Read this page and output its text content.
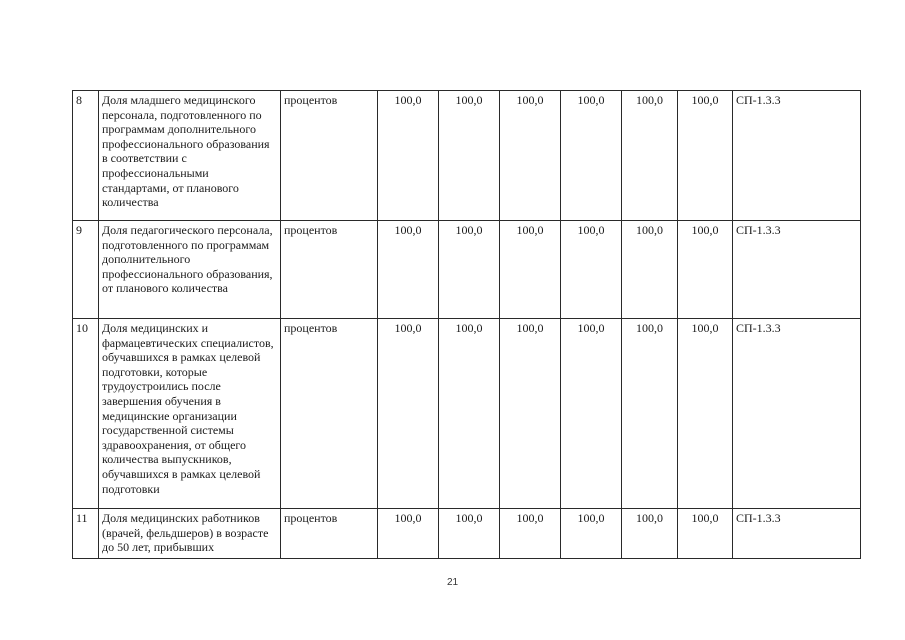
8	Доля младшего медицинского персонала, подготовленного по программам дополнительного профессионального образования в соответствии с профессиональными стандартами, от планового количества	процентов	100,0	100,0	100,0	100,0	100,0	100,0	СП-1.3.3
9	Доля педагогического персонала, подготовленного по программам дополнительного профессионального образования, от планового количества	процентов	100,0	100,0	100,0	100,0	100,0	100,0	СП-1.3.3
10	Доля медицинских и фармацевтических специалистов, обучавшихся в рамках целевой подготовки, которые трудоустроились после завершения обучения в медицинские организации государственной системы здравоохранения, от общего количества выпускников, обучавшихся в рамках целевой подготовки	процентов	100,0	100,0	100,0	100,0	100,0	100,0	СП-1.3.3
11	Доля медицинских работников (врачей, фельдшеров) в возрасте до 50 лет, прибывших	процентов	100,0	100,0	100,0	100,0	100,0	100,0	СП-1.3.3
21
